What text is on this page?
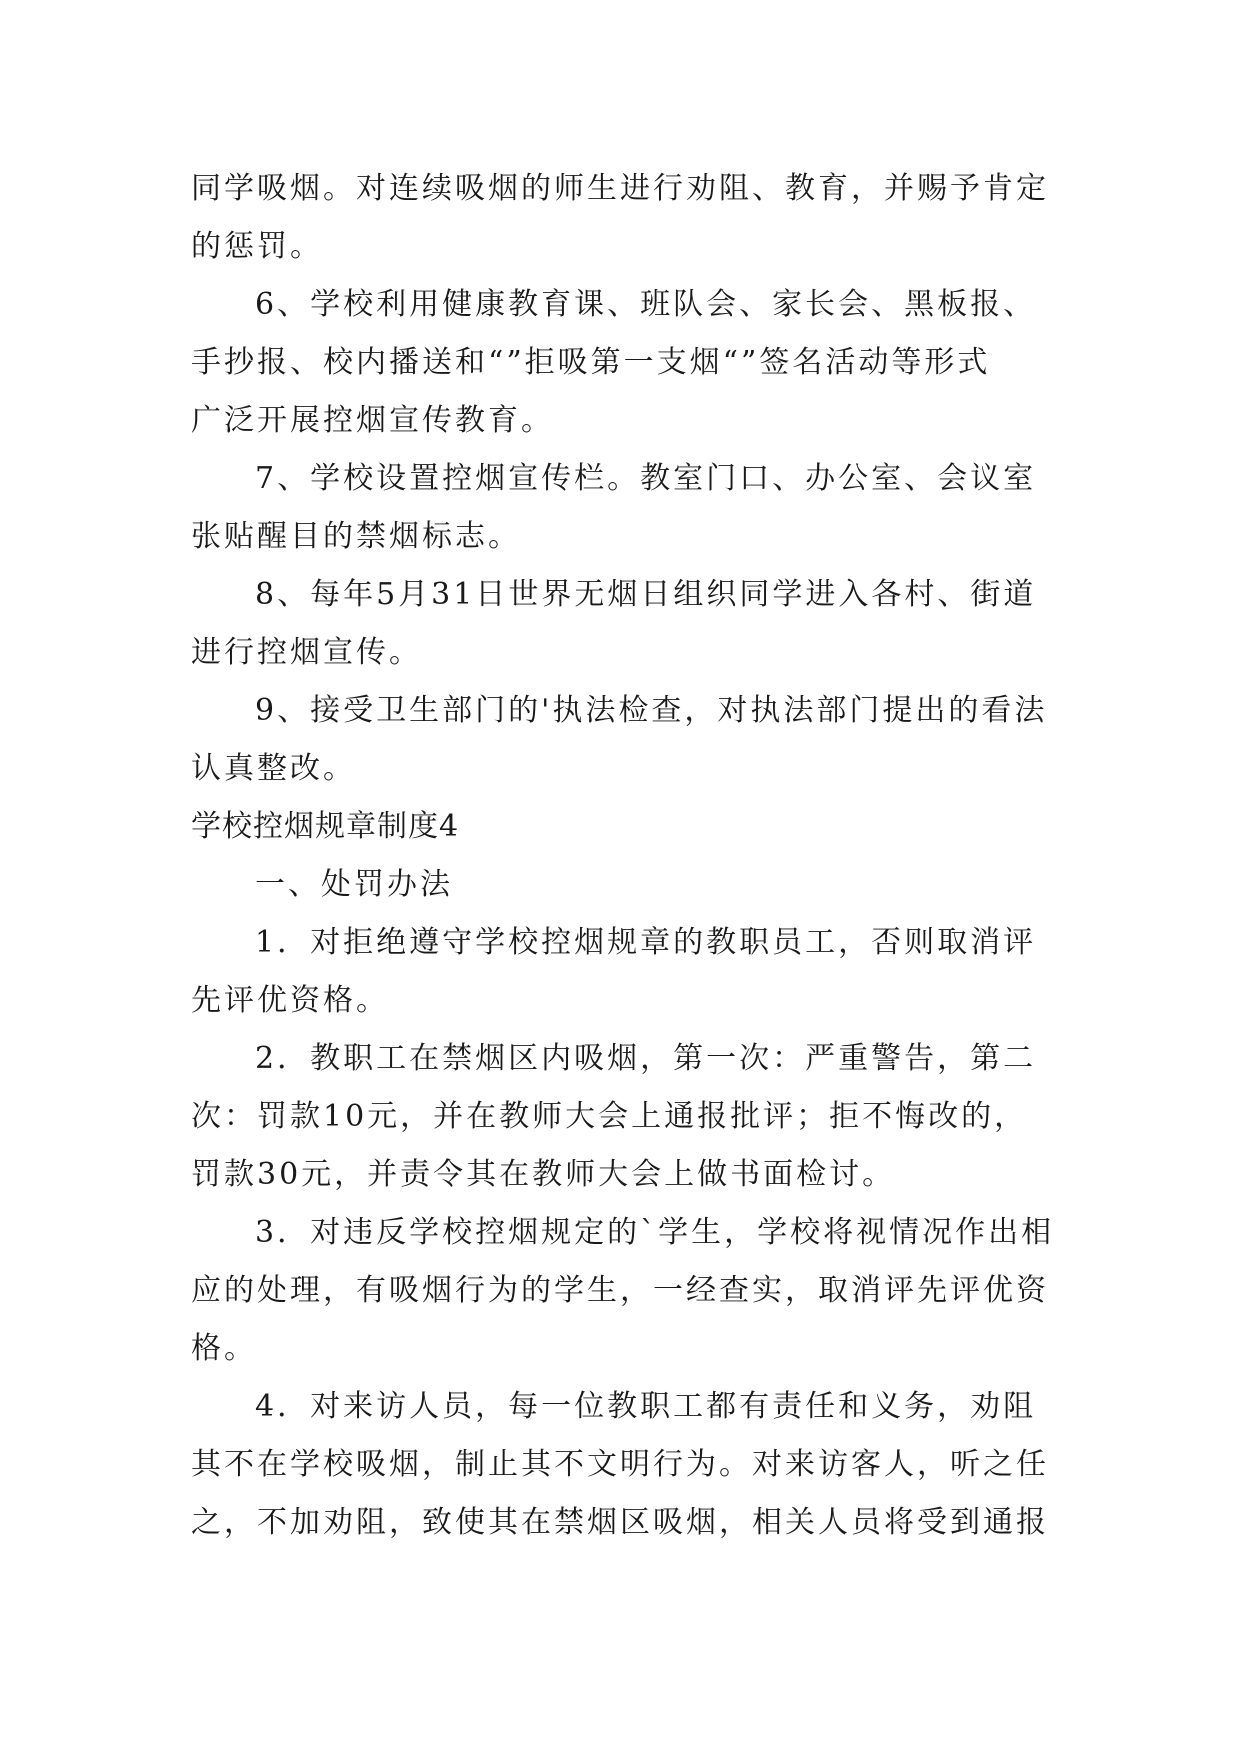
同学吸烟。对连续吸烟的师生进行劝阻、教育，并赐予肯定
的惩罚。
6、学校利用健康教育课、班队会、家长会、黑板报、
手抄报、校内播送和“”拒吸第一支烟“”签名活动等形式
广泛开展控烟宣传教育。
7、学校设置控烟宣传栏。教室门口、办公室、会议室
张贴醒目的禁烟标志。
8、每年5月31日世界无烟日组织同学进入各村、街道
进行控烟宣传。
9、接受卫生部门的'执法检查，对执法部门提出的看法
认真整改。
学校控烟规章制度4
一、处罚办法
1．对拒绝遵守学校控烟规章的教职员工，否则取消评
先评优资格。
2．教职工在禁烟区内吸烟，第一次：严重警告，第二
次：罚款10元，并在教师大会上通报批评；拒不悔改的，
罚款30元，并责令其在教师大会上做书面检讨。
3．对违反学校控烟规定的`学生，学校将视情况作出相
应的处理，有吸烟行为的学生，一经查实，取消评先评优资
格。
4．对来访人员，每一位教职工都有责任和义务，劝阻
其不在学校吸烟，制止其不文明行为。对来访客人，听之任
之，不加劝阻，致使其在禁烟区吸烟，相关人员将受到通报
